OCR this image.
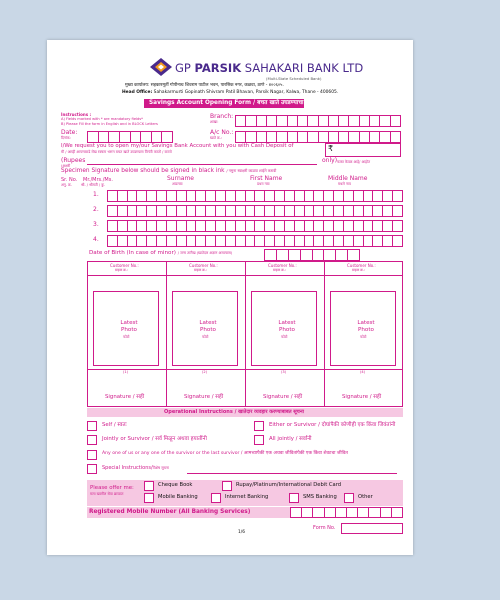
GP PARSIK SAHAKARI BANK LTD
(Multi-State Scheduled Bank)
मुख्य कार्यालय: सहकारमूर्ती गोपीनाथ शिवराम पाटील भवन, पारसिक नगर, कळवा, ठाणे - ४००६०५.
Head Office: Sahakarmurti Gopinath Shivram Patil Bhavan, Parsik Nagar, Kalwa, Thane - 400605.
Savings Account Opening Form / बचत खाते उघडण्याचा अर्ज
Instructions :
A) Fields marked with * are mandatory fields*
B) Please Fill the form in English and in BLOCK Letters
Branch:
शाखा:
Date:
दिनांक:
A/c No.:
खाते क्र.:
I/We request you to open my/our Savings Bank Account with you with Cash Deposit of
मी / आम्ही आपणाकडे रोख रक्कम भरून बचत खाते उघडण्यास विनंती करतो / करतो	₹
(Rupees
(अक्षरी
only) फक्त केवळ आहे/ आहोत
Specimen Signature below should be signed in black ink / नमुना स्वाक्षरी काळ्या शाईने करावी
Sr. No.
अनु. क्र.
Mr./Mrs./Ms.
श्री. / श्रीमती / कु.
Surname
आडनाव
First Name
प्रथम नाव
Middle Name
मधले नाव
1.
2.
3.
4.
Date of Birth (In case of minor) / जन्म तारीख (खातेदार अज्ञान असल्यास)
Customer No.:
ग्राहक क्र.:
Latest Photo
फोटो
(1)
Signature / सही
Customer No.:
ग्राहक क्र.:
Latest Photo
फोटो
(2)
Signature / सही
Customer No.:
ग्राहक क्र.:
Latest Photo
फोटो
(3)
Signature / सही
Customer No.:
ग्राहक क्र.:
Latest Photo
फोटो
(4)
Signature / सही
Operational Instructions / खातेदार व्यवहार करण्याबाबत सूचना
Self / स्वतः	Either or Survivor / दोघांपैकी कोणीही एक किंवा जिवंतांनी
Jointly or Survivor / सर्व मिळून अथवा हयातींनी	All jointly / सर्वांनी
Any one of us or any one of the survivor or the last survivor / आमच्यापैकी एक अथवा जीवितांपैकी एक किंवा शेवटचा जीवित
Special Instructions/विशेष सूचना
Please offer me:
मला खालील सेवा द्याव्यात
Cheque Book	Rupay/Platinum/International Debit Card
Mobile Banking	Internet Banking	SMS Banking	Other
Registered Mobile Number (All Banking Services)
1/6
Form No.
